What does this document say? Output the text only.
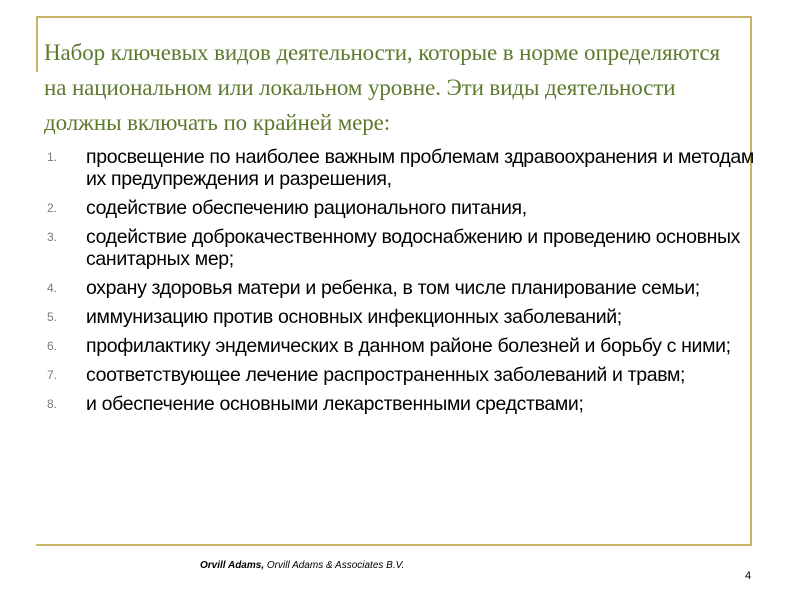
Набор ключевых видов деятельности, которые в норме определяются на национальном или локальном уровне. Эти виды деятельности должны включать по крайней мере:
1.	просвещение по наиболее важным проблемам здравоохранения и методам их предупреждения и разрешения,
2.	содействие обеспечению рационального питания,
3.	содействие доброкачественному водоснабжению и проведению основных санитарных мер;
4.	охрану здоровья матери и ребенка, в том числе планирование семьи;
5.	иммунизацию против основных инфекционных заболеваний;
6.	профилактику эндемических в данном районе болезней и борьбу с ними;
7.	соответствующее лечение распространенных заболеваний и травм;
8.	и обеспечение основными лекарственными средствами;

Orvill Adams, Orvill Adams & Associates B.V.

4
